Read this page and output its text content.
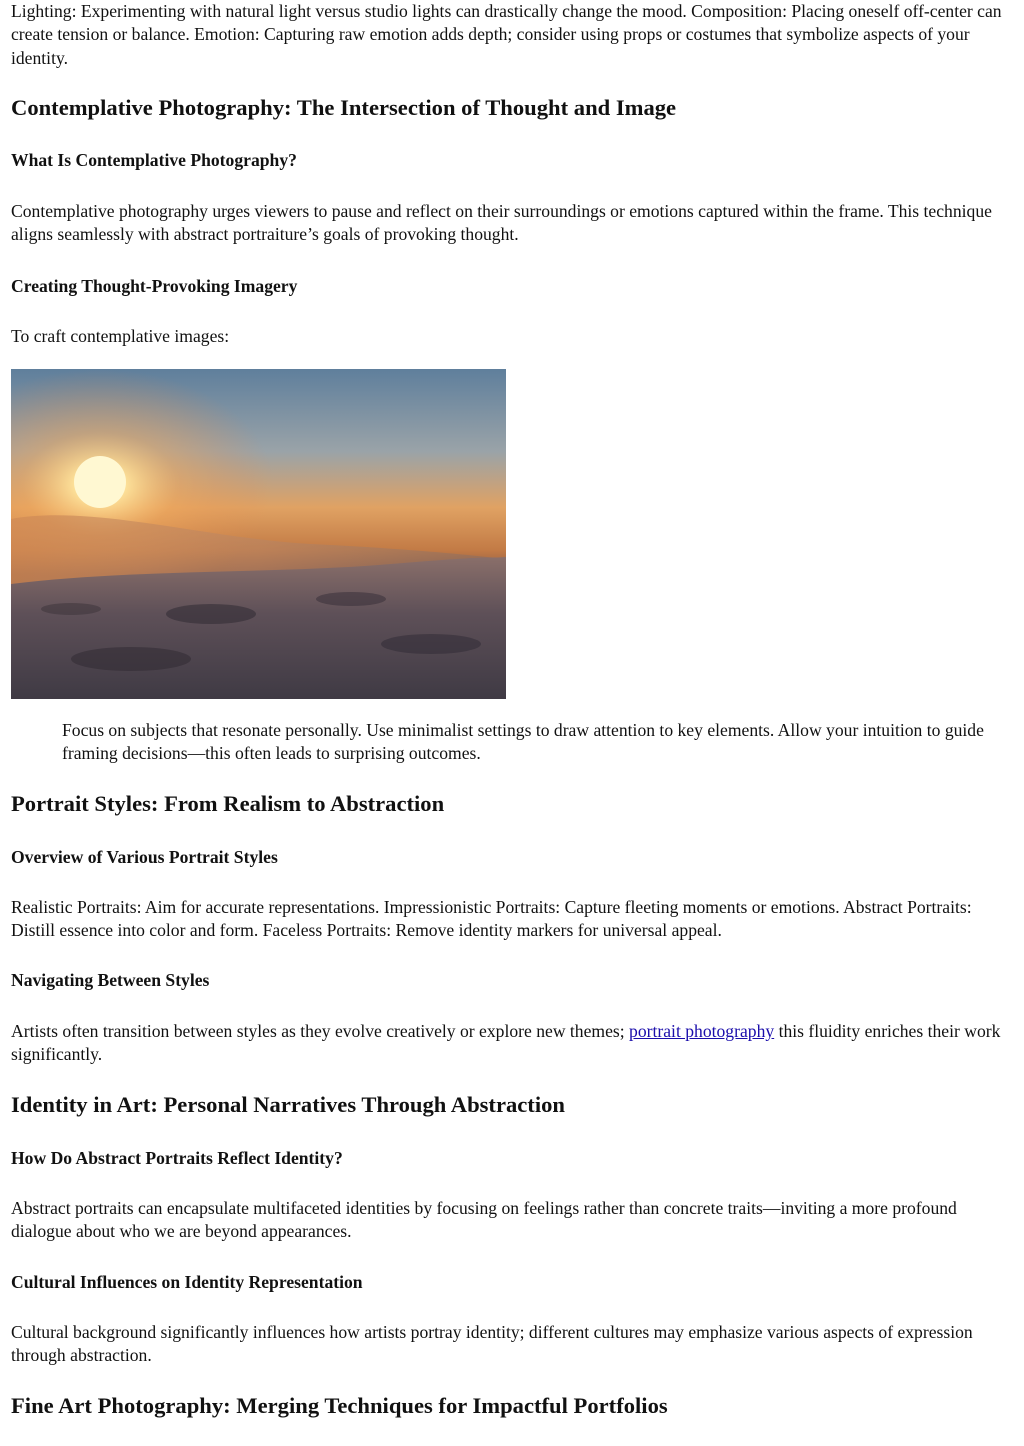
Lighting: Experimenting with natural light versus studio lights can drastically change the mood. Composition: Placing oneself off-center can create tension or balance. Emotion: Capturing raw emotion adds depth; consider using props or costumes that symbolize aspects of your identity.

Contemplative Photography: The Intersection of Thought and Image
What Is Contemplative Photography?

Contemplative photography urges viewers to pause and reflect on their surroundings or emotions captured within the frame. This technique aligns seamlessly with abstract portraiture’s goals of provoking thought.

Creating Thought-Provoking Imagery

To craft contemplative images:

Focus on subjects that resonate personally. Use minimalist settings to draw attention to key elements. Allow your intuition to guide framing decisions—this often leads to surprising outcomes.

Portrait Styles: From Realism to Abstraction
Overview of Various Portrait Styles

Realistic Portraits: Aim for accurate representations. Impressionistic Portraits: Capture fleeting moments or emotions. Abstract Portraits: Distill essence into color and form. Faceless Portraits: Remove identity markers for universal appeal.

Navigating Between Styles

Artists often transition between styles as they evolve creatively or explore new themes; portrait photography this fluidity enriches their work significantly.

Identity in Art: Personal Narratives Through Abstraction
How Do Abstract Portraits Reflect Identity?

Abstract portraits can encapsulate multifaceted identities by focusing on feelings rather than concrete traits—inviting a more profound dialogue about who we are beyond appearances.

Cultural Influences on Identity Representation

Cultural background significantly influences how artists portray identity; different cultures may emphasize various aspects of expression through abstraction.

Fine Art Photography: Merging Techniques for Impactful Portfolios
